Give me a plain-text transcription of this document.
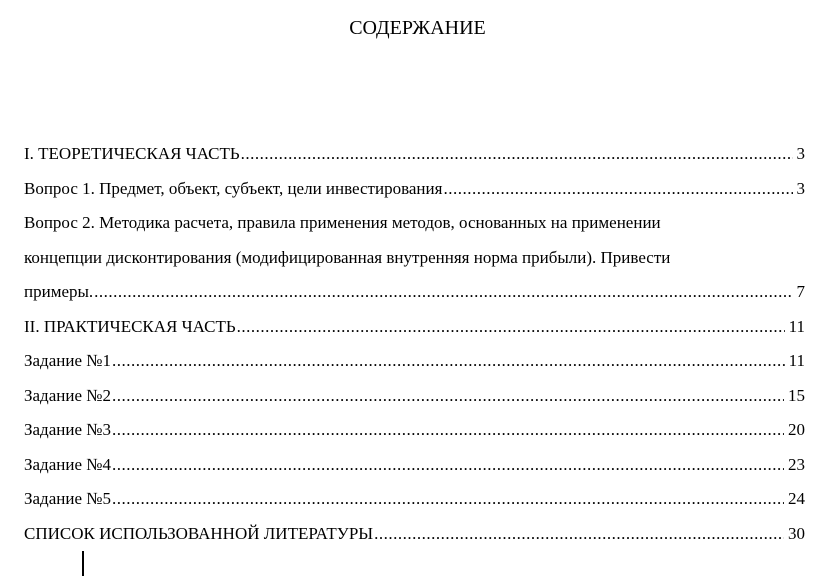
СОДЕРЖАНИЕ
I. ТЕОРЕТИЧЕСКАЯ ЧАСТЬ .....	3
Вопрос 1. Предмет, объект, субъект, цели инвестирования .....	3
Вопрос 2. Методика расчета, правила применения методов, основанных на применении
концепции дисконтирования (модифицированная внутренняя норма прибыли). Привести
примеры. .....	7
II. ПРАКТИЧЕСКАЯ ЧАСТЬ .....	11
Задание №1 .....	11
Задание №2 .....	15
Задание №3 .....	20
Задание №4 .....	23
Задание №5 .....	24
СПИСОК ИСПОЛЬЗОВАННОЙ ЛИТЕРАТУРЫ .....	30
